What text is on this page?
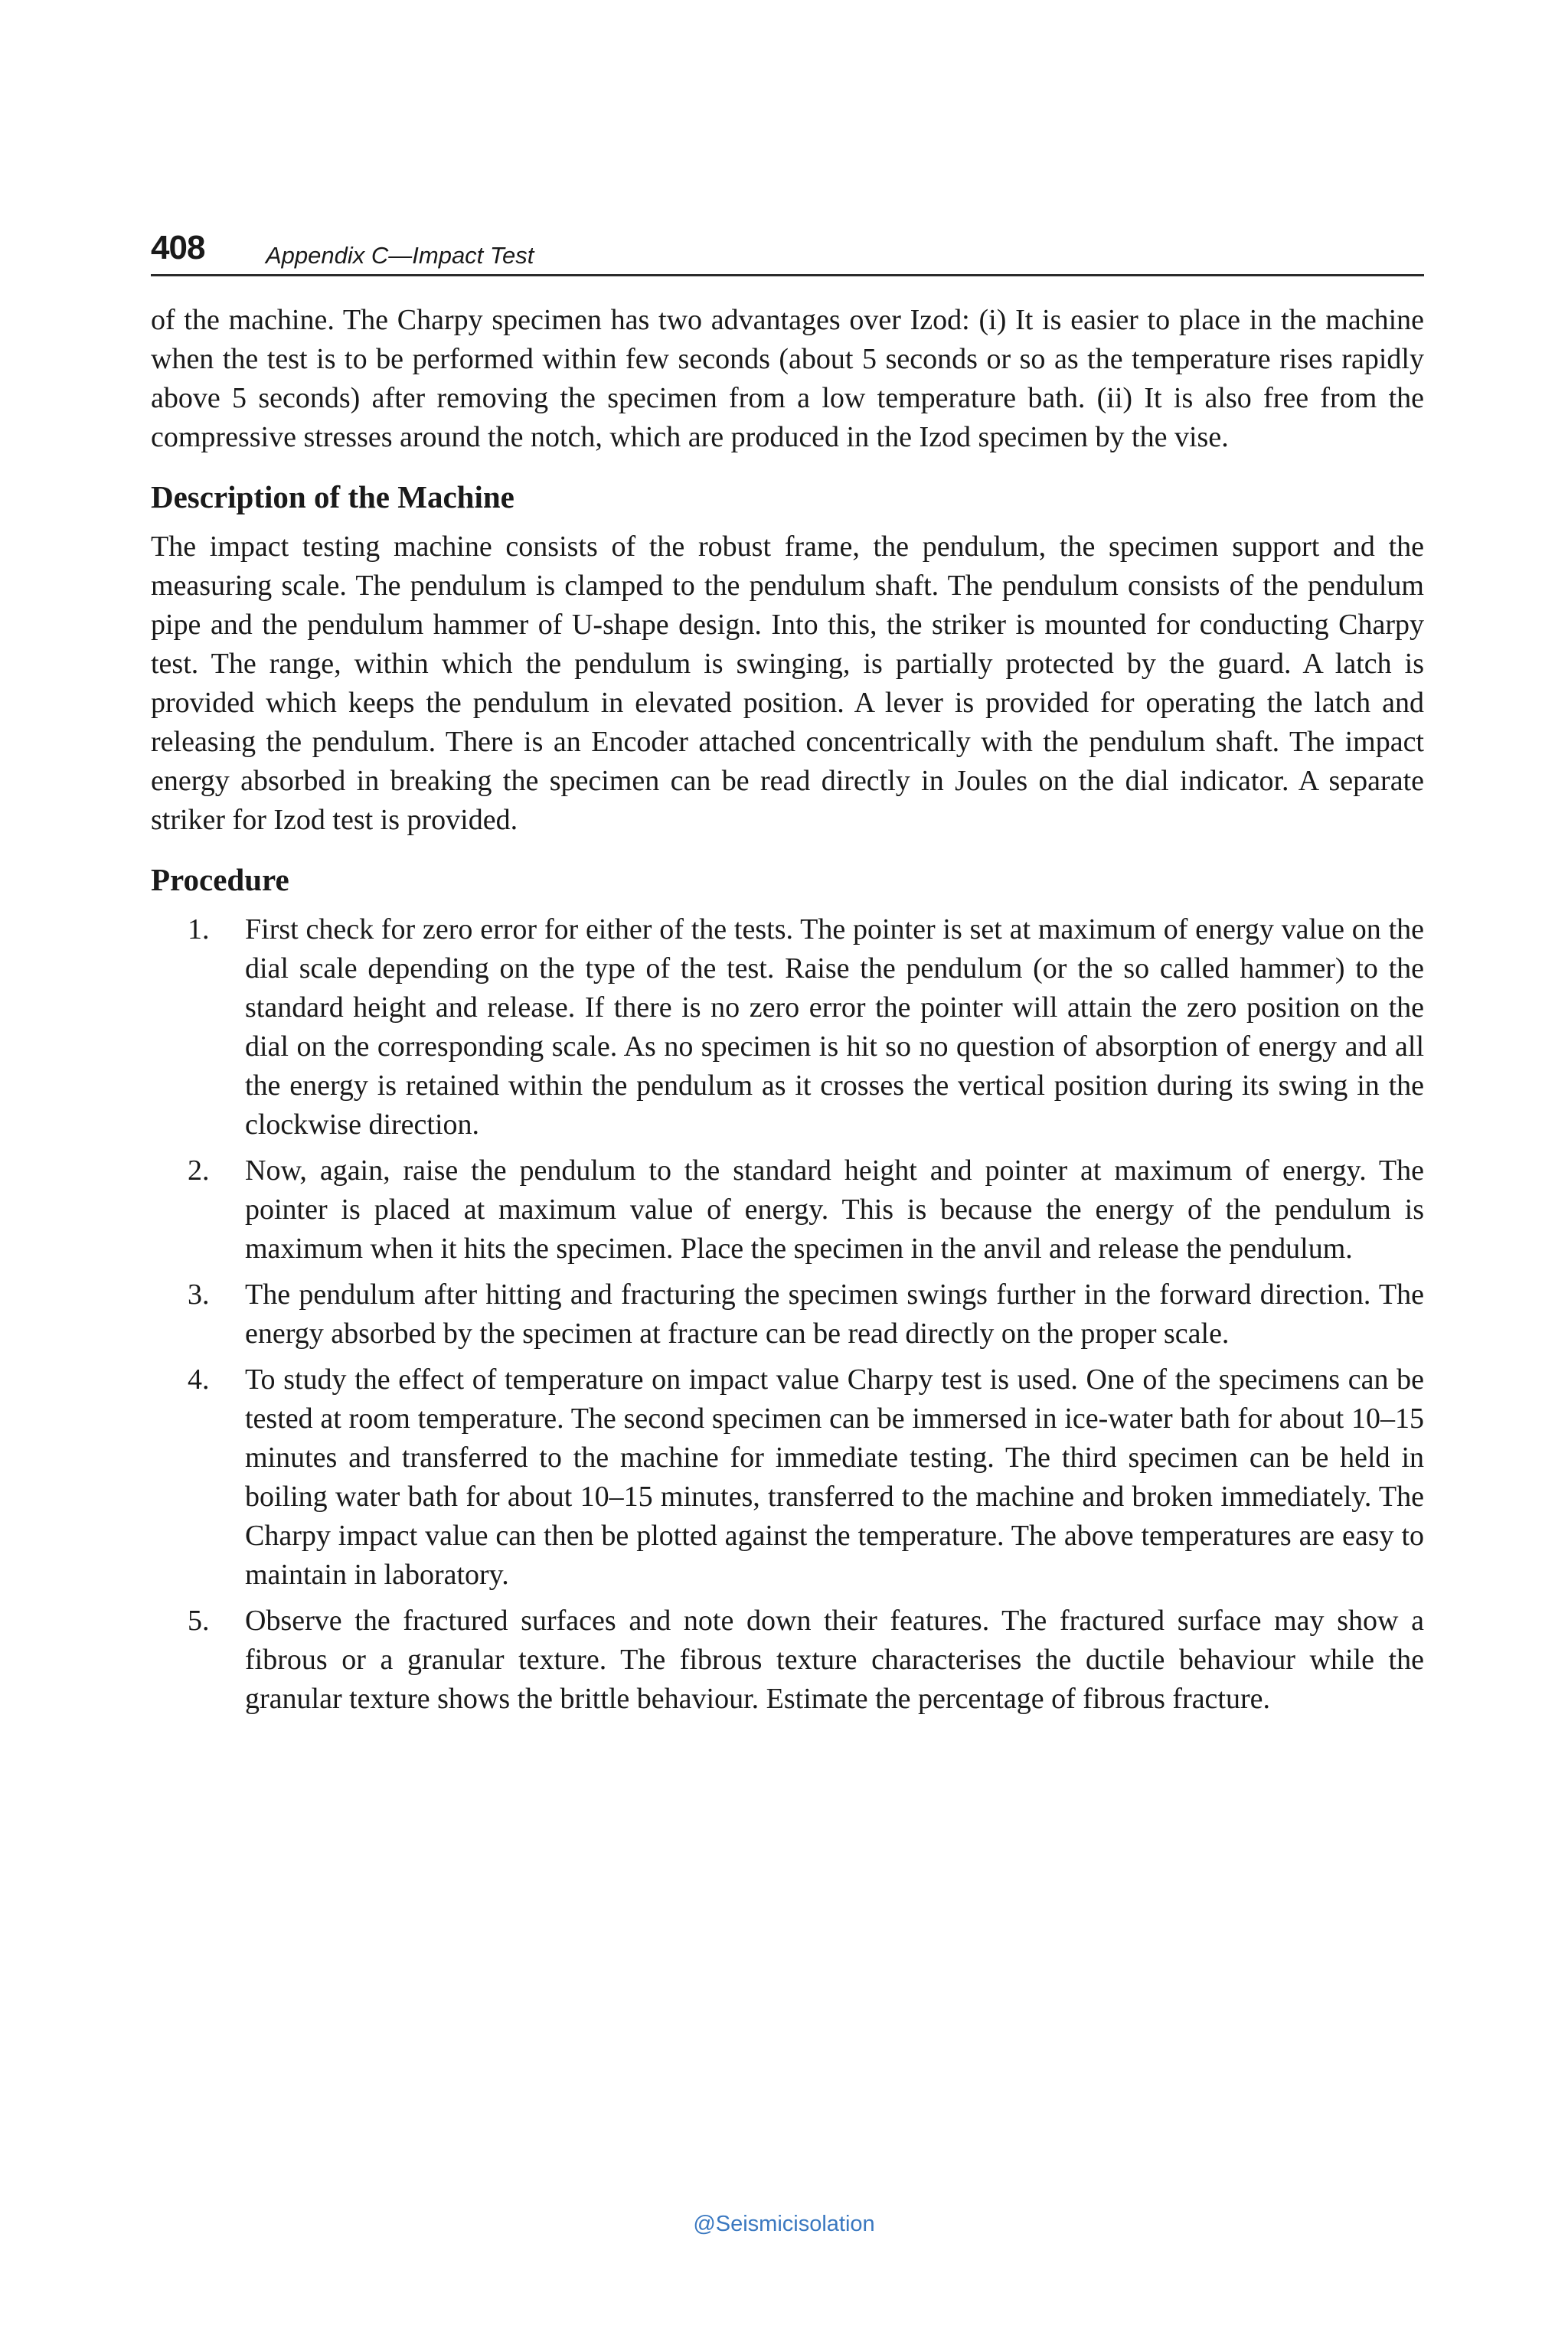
408	Appendix C—Impact Test

of the machine. The Charpy specimen has two advantages over Izod: (i) It is easier to place in the machine when the test is to be performed within few seconds (about 5 seconds or so as the temperature rises rapidly above 5 seconds) after removing the specimen from a low temperature bath. (ii) It is also free from the compressive stresses around the notch, which are produced in the Izod specimen by the vise.

Description of the Machine

The impact testing machine consists of the robust frame, the pendulum, the specimen support and the measuring scale. The pendulum is clamped to the pendulum shaft. The pendulum consists of the pendulum pipe and the pendulum hammer of U-shape design. Into this, the striker is mounted for conducting Charpy test. The range, within which the pendulum is swinging, is partially protected by the guard. A latch is provided which keeps the pendulum in elevated position. A lever is provided for operating the latch and releasing the pendulum. There is an Encoder attached concentrically with the pendulum shaft. The impact energy absorbed in breaking the specimen can be read directly in Joules on the dial indicator. A separate striker for Izod test is provided.

Procedure
1. First check for zero error for either of the tests. The pointer is set at maximum of energy value on the dial scale depending on the type of the test. Raise the pendulum (or the so called hammer) to the standard height and release. If there is no zero error the pointer will attain the zero position on the dial on the corresponding scale. As no specimen is hit so no question of absorption of energy and all the energy is retained within the pendulum as it crosses the vertical position during its swing in the clockwise direction.
2. Now, again, raise the pendulum to the standard height and pointer at maximum of energy. The pointer is placed at maximum value of energy. This is because the energy of the pendulum is maximum when it hits the specimen. Place the specimen in the anvil and release the pendulum.
3. The pendulum after hitting and fracturing the specimen swings further in the forward direction. The energy absorbed by the specimen at fracture can be read directly on the proper scale.
4. To study the effect of temperature on impact value Charpy test is used. One of the specimens can be tested at room temperature. The second specimen can be immersed in ice-water bath for about 10–15 minutes and transferred to the machine for immediate testing. The third specimen can be held in boiling water bath for about 10–15 minutes, transferred to the machine and broken immediately. The Charpy impact value can then be plotted against the temperature. The above temperatures are easy to maintain in laboratory.
5. Observe the fractured surfaces and note down their features. The fractured surface may show a fibrous or a granular texture. The fibrous texture characterises the ductile behaviour while the granular texture shows the brittle behaviour. Estimate the percentage of fibrous fracture.
@Seismicisolation
